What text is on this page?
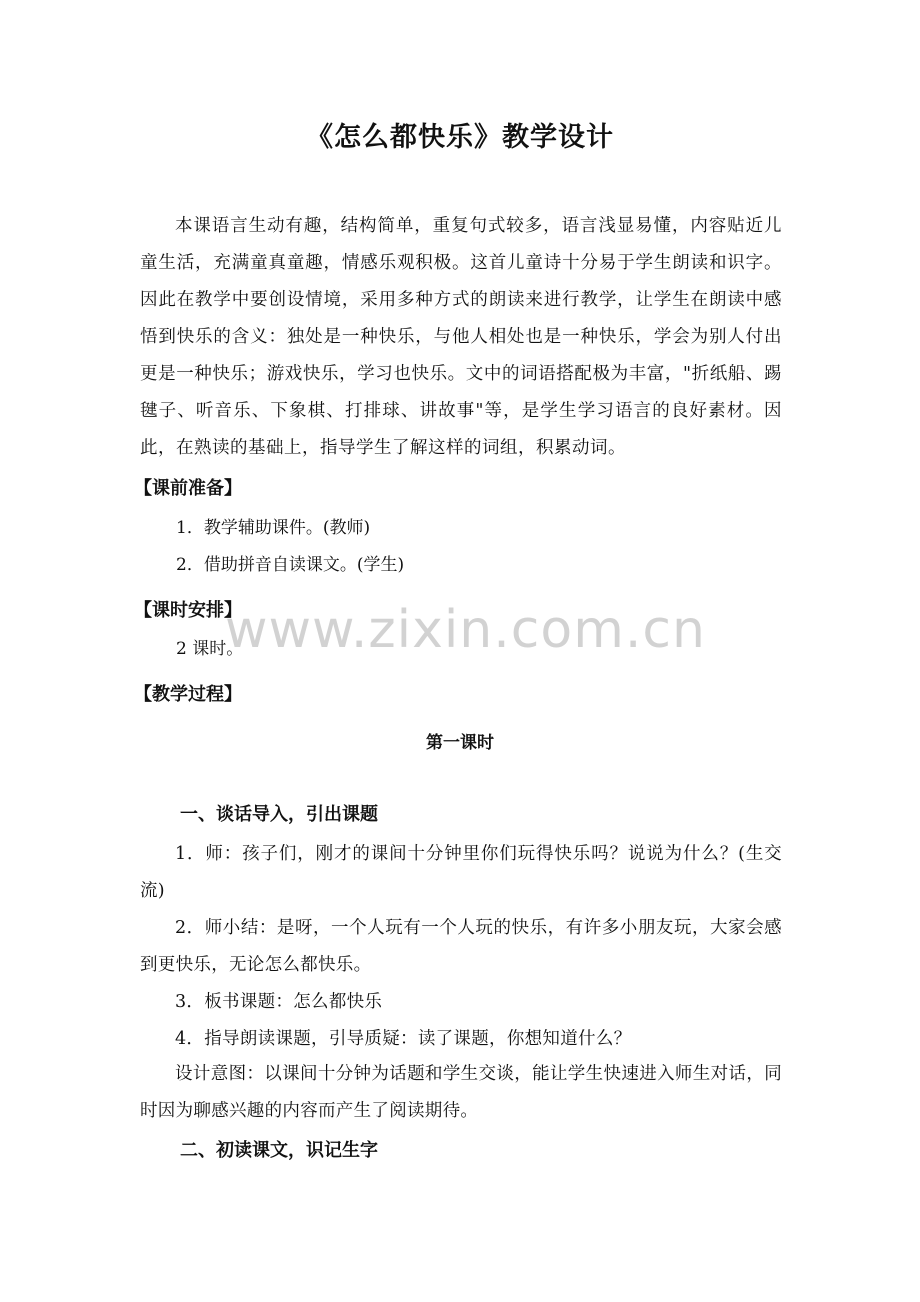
《怎么都快乐》教学设计
本课语言生动有趣，结构简单，重复句式较多，语言浅显易懂，内容贴近儿童生活，充满童真童趣，情感乐观积极。这首儿童诗十分易于学生朗读和识字。因此在教学中要创设情境，采用多种方式的朗读来进行教学，让学生在朗读中感悟到快乐的含义：独处是一种快乐，与他人相处也是一种快乐，学会为别人付出更是一种快乐；游戏快乐，学习也快乐。文中的词语搭配极为丰富，"折纸船、踢毽子、听音乐、下象棋、打排球、讲故事"等，是学生学习语言的良好素材。因此，在熟读的基础上，指导学生了解这样的词组，积累动词。
【课前准备】
1．教学辅助课件。(教师)
2．借助拼音自读课文。(学生)
【课时安排】
2 课时。
【教学过程】
第一课时
一、谈话导入，引出课题
1．师：孩子们，刚才的课间十分钟里你们玩得快乐吗？说说为什么？(生交流)
2．师小结：是呀，一个人玩有一个人玩的快乐，有许多小朋友玩，大家会感到更快乐，无论怎么都快乐。
3．板书课题：怎么都快乐
4．指导朗读课题，引导质疑：读了课题，你想知道什么？
设计意图：以课间十分钟为话题和学生交谈，能让学生快速进入师生对话，同时因为聊感兴趣的内容而产生了阅读期待。
二、初读课文，识记生字
www.zixin.com.cn
